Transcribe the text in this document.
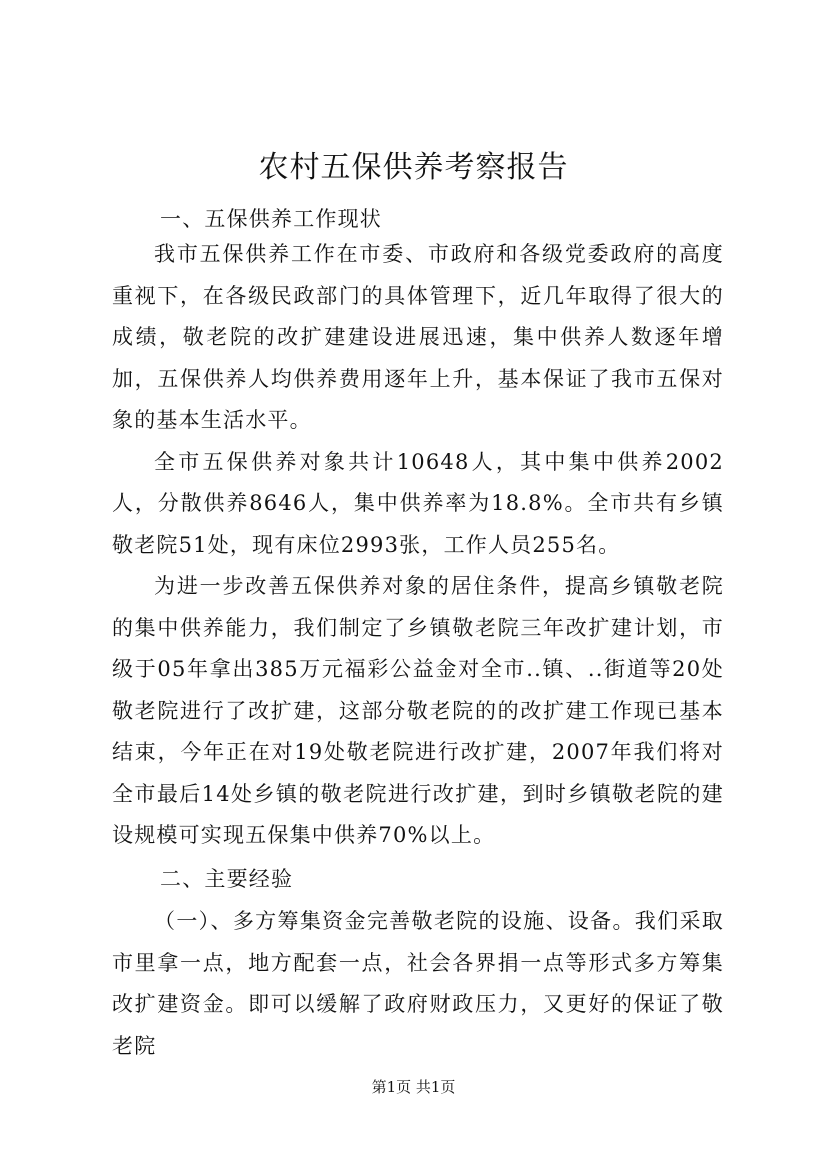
农村五保供养考察报告
一、五保供养工作现状

我市五保供养工作在市委、市政府和各级党委政府的高度重视下，在各级民政部门的具体管理下，近几年取得了很大的成绩，敬老院的改扩建建设进展迅速，集中供养人数逐年增加，五保供养人均供养费用逐年上升，基本保证了我市五保对象的基本生活水平。

全市五保供养对象共计10648人，其中集中供养2002人，分散供养8646人，集中供养率为18.8%。全市共有乡镇敬老院51处，现有床位2993张，工作人员255名。

为进一步改善五保供养对象的居住条件，提高乡镇敬老院的集中供养能力，我们制定了乡镇敬老院三年改扩建计划，市级于05年拿出385万元福彩公益金对全市..镇、..街道等20处敬老院进行了改扩建，这部分敬老院的的改扩建工作现已基本结束，今年正在对19处敬老院进行改扩建，2007年我们将对全市最后14处乡镇的敬老院进行改扩建，到时乡镇敬老院的建设规模可实现五保集中供养70%以上。

二、主要经验

（一）、多方筹集资金完善敬老院的设施、设备。我们采取市里拿一点，地方配套一点，社会各界捐一点等形式多方筹集改扩建资金。即可以缓解了政府财政压力，又更好的保证了敬老院

第1页 共1页
